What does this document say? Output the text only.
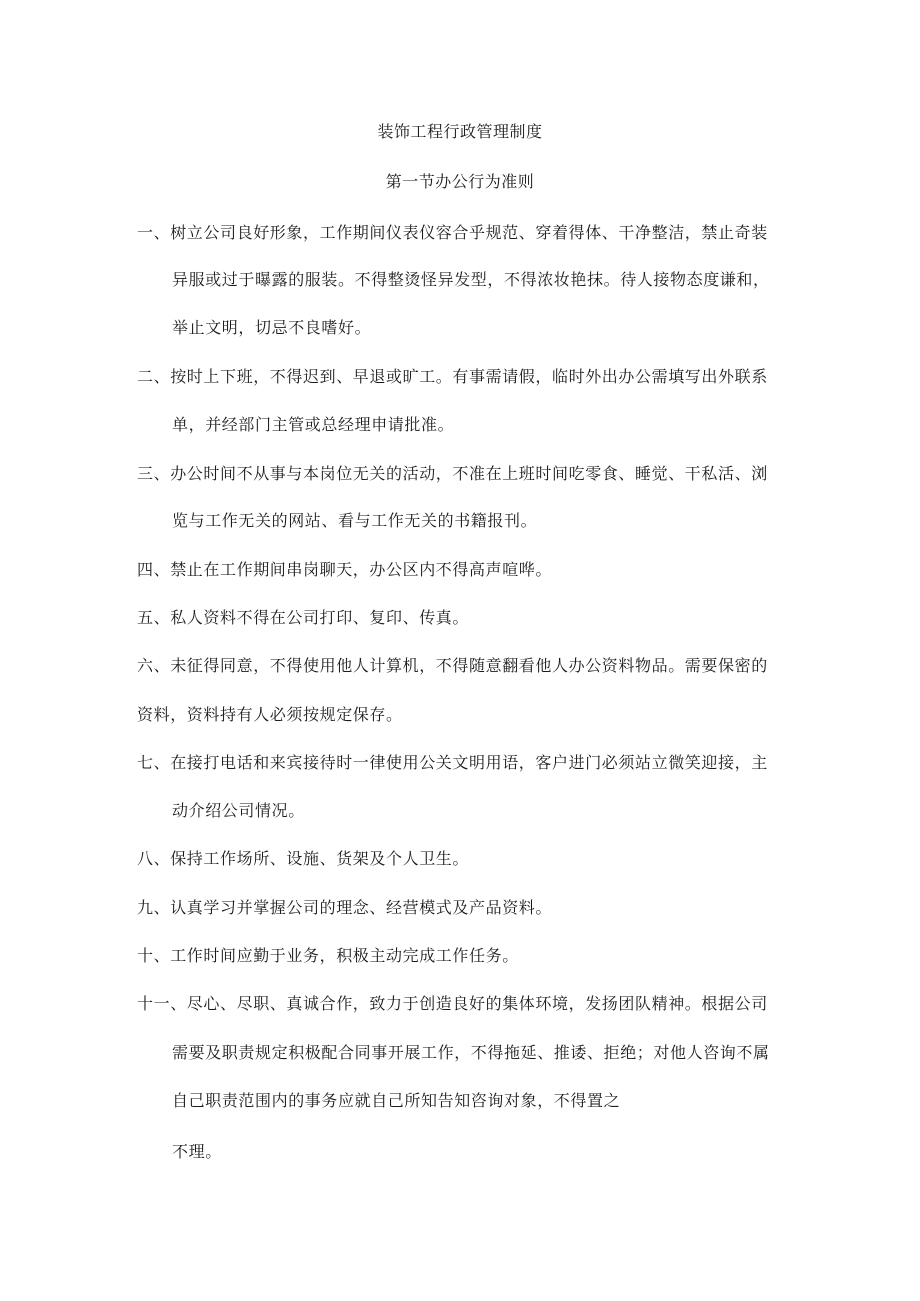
装饰工程行政管理制度
第一节办公行为准则
一、树立公司良好形象，工作期间仪表仪容合乎规范、穿着得体、干净整洁，禁止奇装
异服或过于曝露的服装。不得整烫怪异发型，不得浓妆艳抹。待人接物态度谦和，
举止文明，切忌不良嗜好。
二、按时上下班，不得迟到、早退或旷工。有事需请假，临时外出办公需填写出外联系
单，并经部门主管或总经理申请批准。
三、办公时间不从事与本岗位无关的活动，不准在上班时间吃零食、睡觉、干私活、浏
览与工作无关的网站、看与工作无关的书籍报刊。
四、禁止在工作期间串岗聊天，办公区内不得高声喧哗。
五、私人资料不得在公司打印、复印、传真。
六、未征得同意，不得使用他人计算机，不得随意翻看他人办公资料物品。需要保密的
资料，资料持有人必须按规定保存。
七、在接打电话和来宾接待时一律使用公关文明用语，客户进门必须站立微笑迎接，主
动介绍公司情况。
八、保持工作场所、设施、货架及个人卫生。
九、认真学习并掌握公司的理念、经营模式及产品资料。
十、工作时间应勤于业务，积极主动完成工作任务。
十一、尽心、尽职、真诚合作，致力于创造良好的集体环境，发扬团队精神。根据公司
需要及职责规定积极配合同事开展工作，不得拖延、推诿、拒绝；对他人咨询不属
自己职责范围内的事务应就自己所知告知咨询对象，不得置之
不理。
